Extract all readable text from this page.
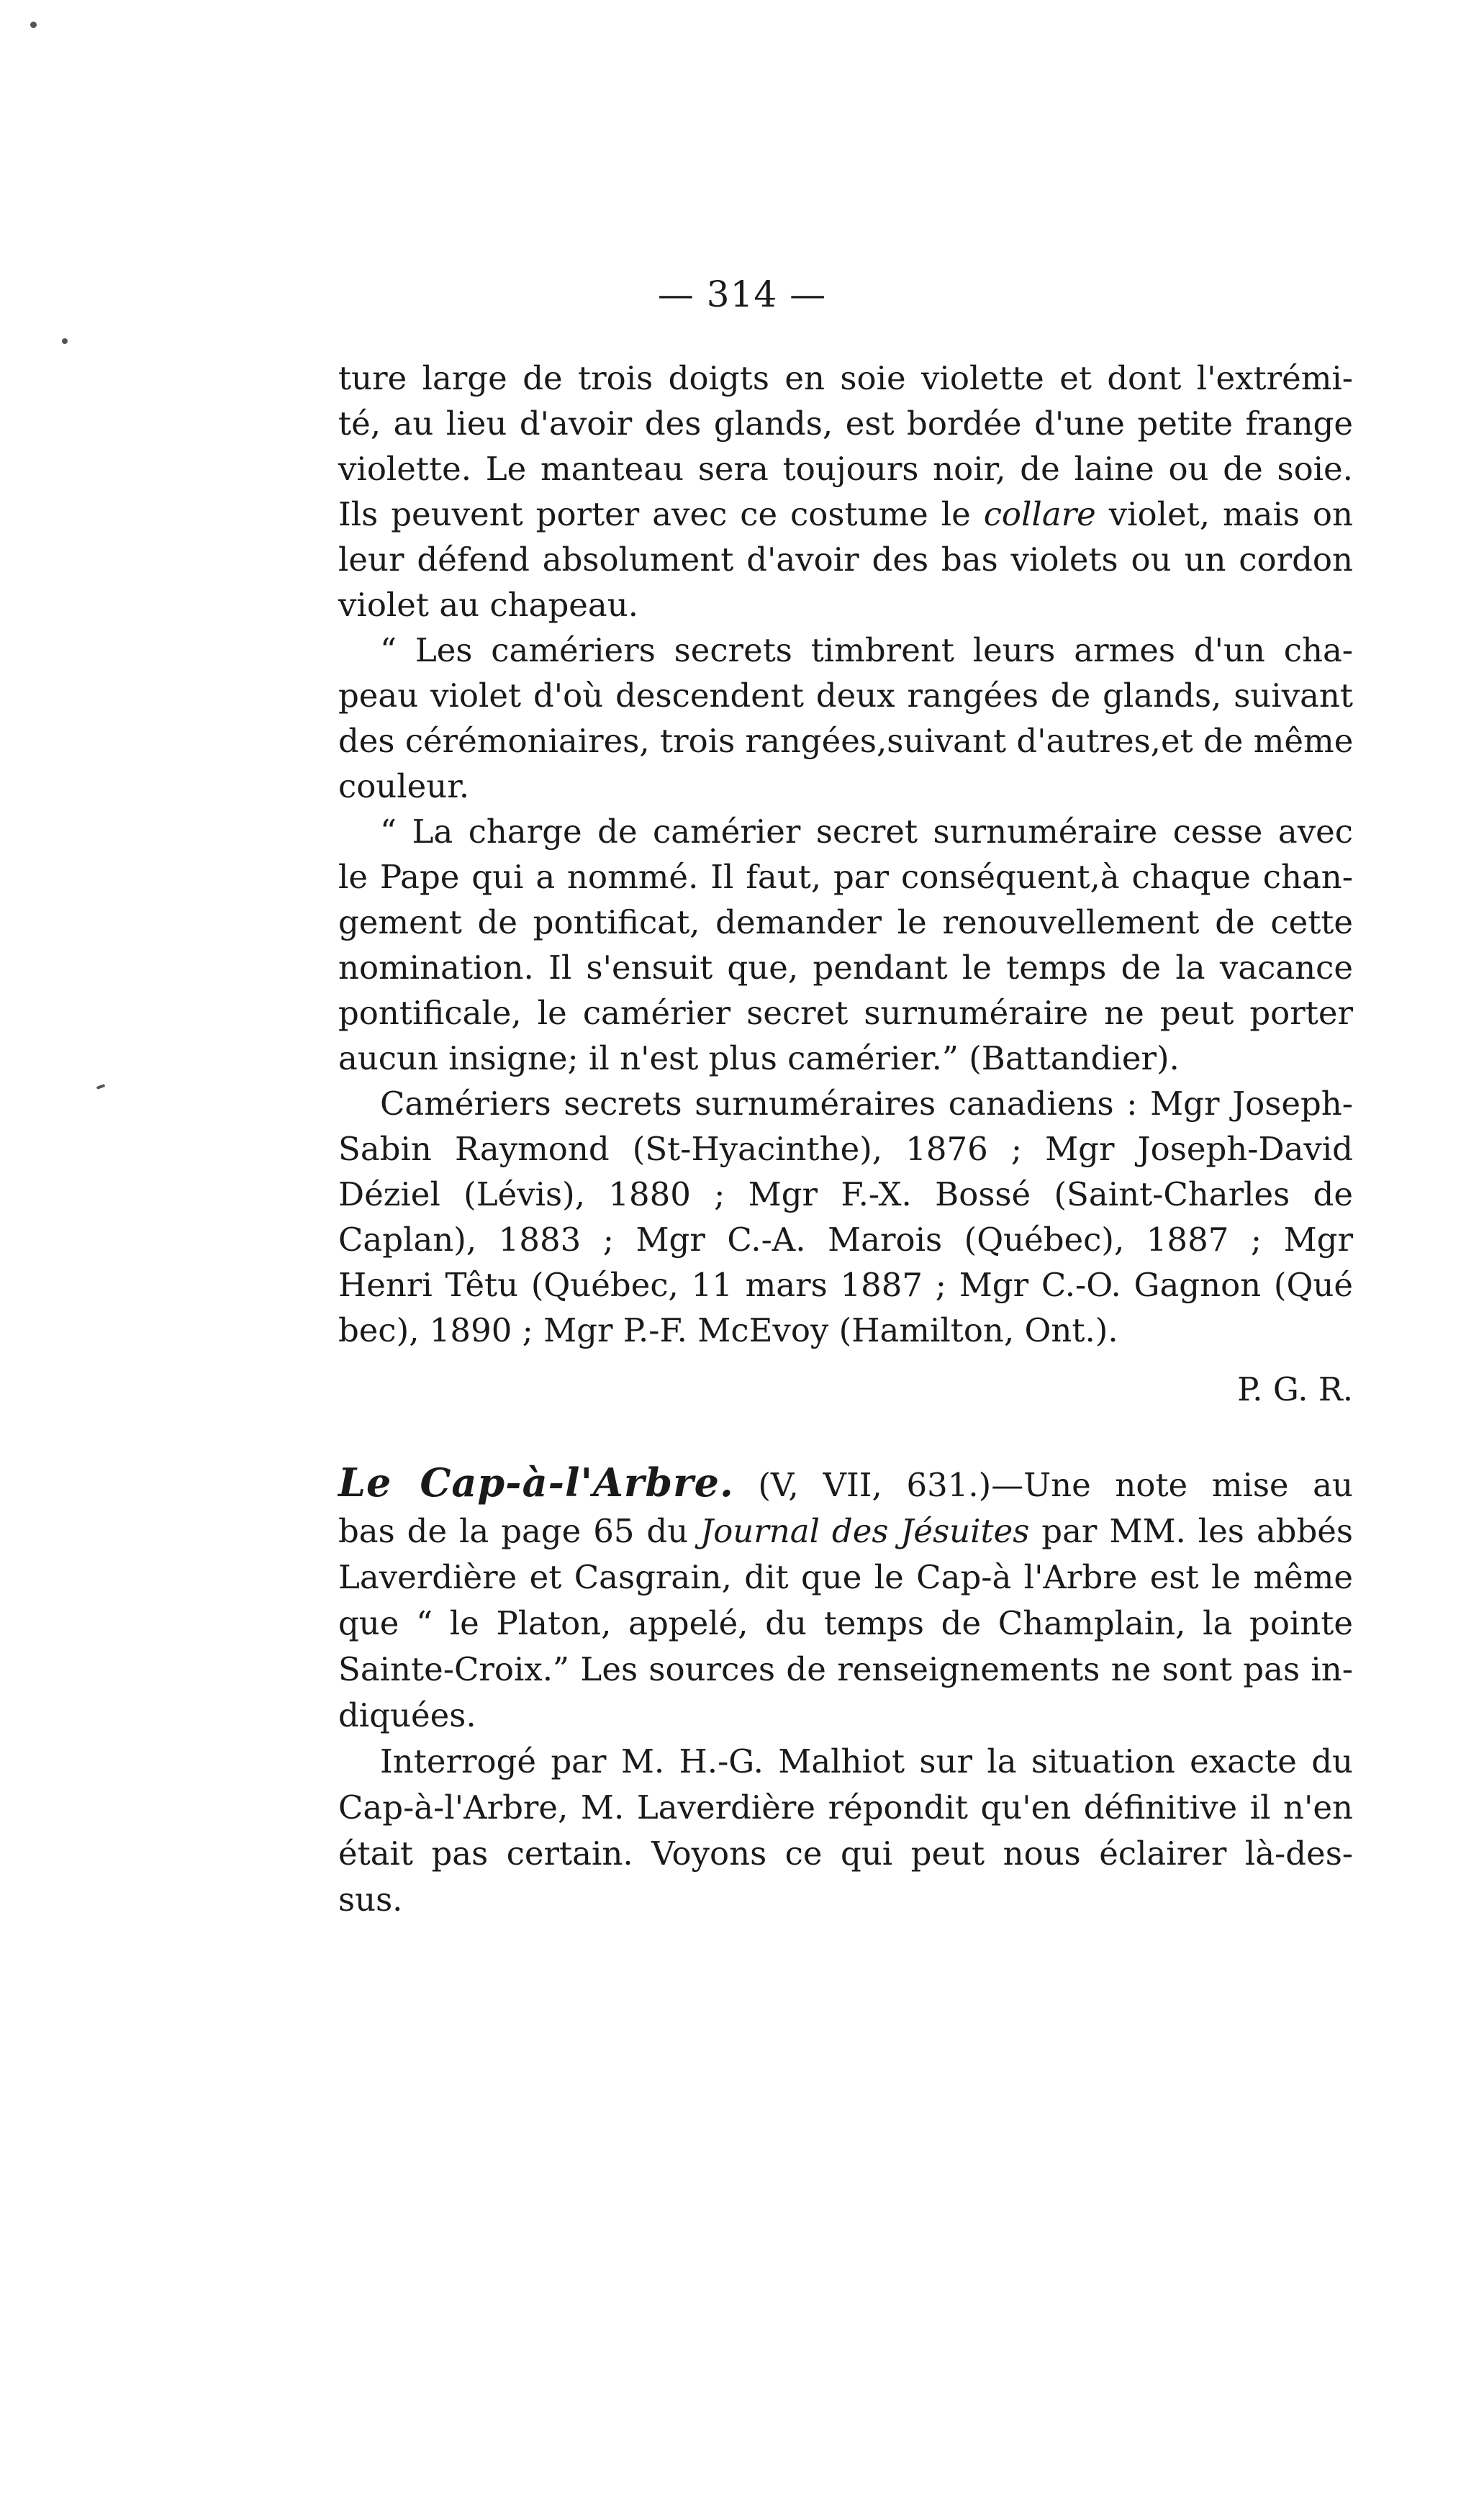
— 314 —
ture large de trois doigts en soie violette et dont l'extrémi-
té, au lieu d'avoir des glands, est bordée d'une petite frange
violette. Le manteau sera toujours noir, de laine ou de soie.
Ils peuvent porter avec ce costume le collare violet, mais on
leur défend absolument d'avoir des bas violets ou un cordon
violet au chapeau.
“ Les camériers secrets timbrent leurs armes d'un cha-
peau violet d'où descendent deux rangées de glands, suivant
des cérémoniaires, trois rangées,suivant d'autres,et de même
couleur.
“ La charge de camérier secret surnuméraire cesse avec
le Pape qui a nommé. Il faut, par conséquent,à chaque chan-
gement de pontificat, demander le renouvellement de cette
nomination. Il s'ensuit que, pendant le temps de la vacance
pontificale, le camérier secret surnuméraire ne peut porter
aucun insigne; il n'est plus camérier.” (Battandier).
Camériers secrets surnuméraires canadiens : Mgr Joseph-
Sabin Raymond (St-Hyacinthe), 1876 ; Mgr Joseph-David
Déziel (Lévis), 1880 ; Mgr F.-X. Bossé (Saint-Charles de
Caplan), 1883 ; Mgr C.-A. Marois (Québec), 1887 ; Mgr
Henri Têtu (Québec, 11 mars 1887 ; Mgr C.-O. Gagnon (Qué
bec), 1890 ; Mgr P.-F. McEvoy (Hamilton, Ont.).
P. G. R.
Le Cap-à-l'Arbre. (V, VII, 631.)—Une note mise au
bas de la page 65 du Journal des Jésuites par MM. les abbés
Laverdière et Casgrain, dit que le Cap-à l'Arbre est le même
que “ le Platon, appelé, du temps de Champlain, la pointe
Sainte-Croix.” Les sources de renseignements ne sont pas in-
diquées.
Interrogé par M. H.-G. Malhiot sur la situation exacte du
Cap-à-l'Arbre, M. Laverdière répondit qu'en définitive il n'en
était pas certain. Voyons ce qui peut nous éclairer là-des-
sus.
